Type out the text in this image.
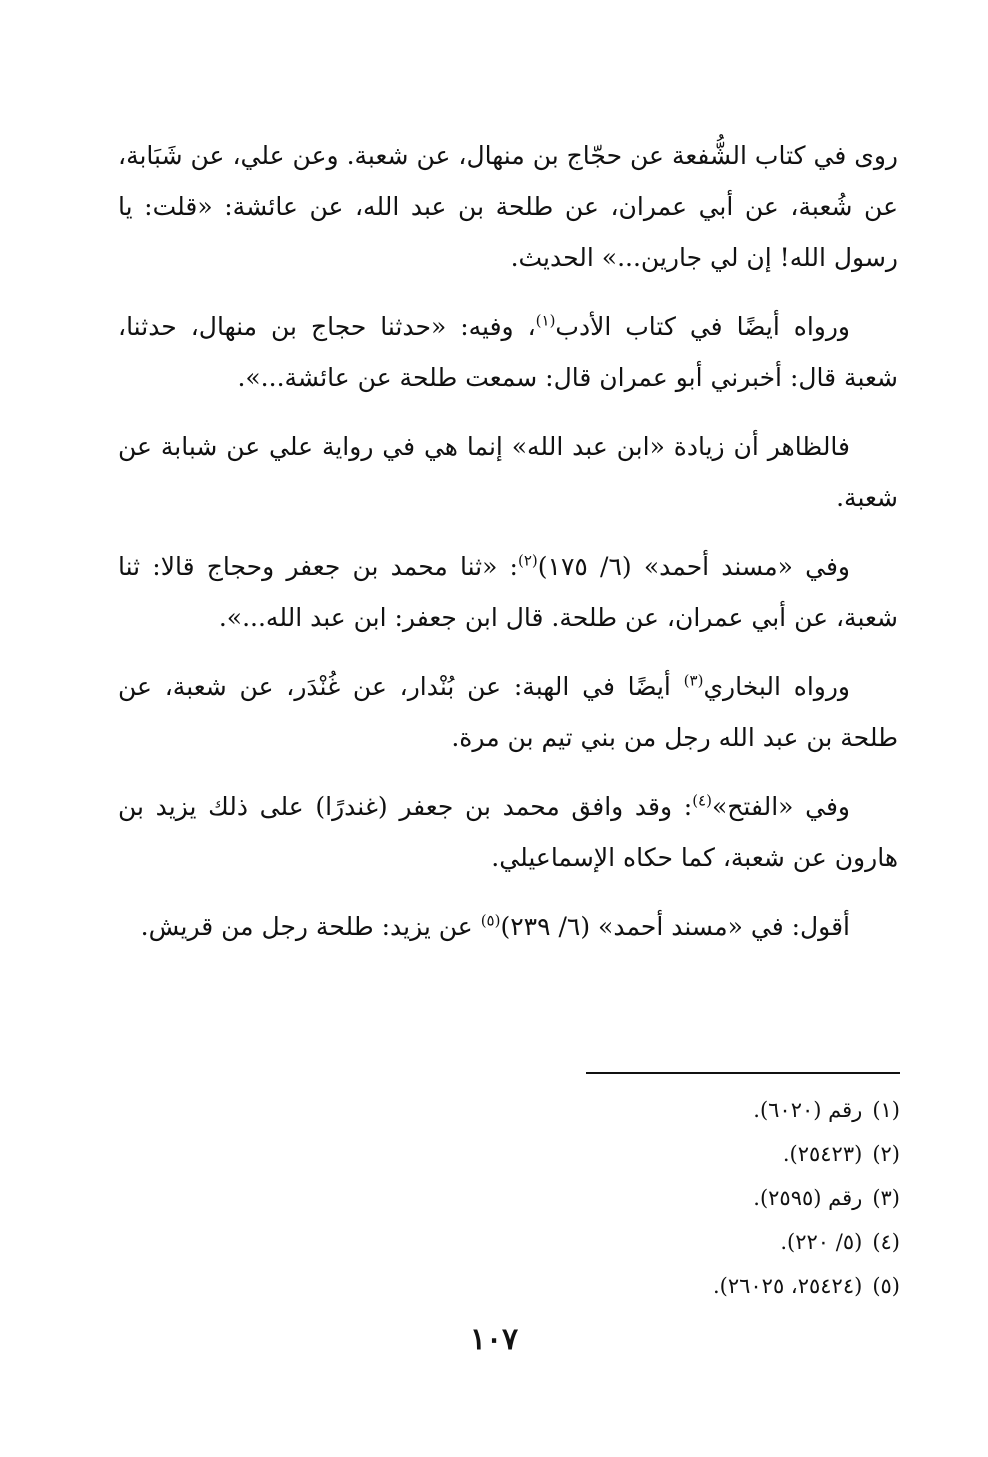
روى في كتاب الشُّفعة عن حجّاج بن منهال، عن شعبة. وعن علي، عن شَبَابة، عن شُعبة، عن أبي عمران، عن طلحة بن عبد الله، عن عائشة: «قلت: يا رسول الله! إن لي جارين...» الحديث.

ورواه أيضًا في كتاب الأدب$^{(١)}$، وفيه: «حدثنا حجاج بن منهال، حدثنا، شعبة قال: أخبرني أبو عمران قال: سمعت طلحة عن عائشة...».

فالظاهر أن زيادة «ابن عبد الله» إنما هي في رواية علي عن شبابة عن شعبة.

وفي «مسند أحمد» (٦/ ١٧٥)$^{(٢)}$: «ثنا محمد بن جعفر وحجاج قالا: ثنا شعبة، عن أبي عمران، عن طلحة. قال ابن جعفر: ابن عبد الله...».

ورواه البخاري$^{(٣)}$ أيضًا في الهبة: عن بُنْدار، عن غُنْدَر، عن شعبة، عن طلحة بن عبد الله رجل من بني تيم بن مرة.

وفي «الفتح»$^{(٤)}$: وقد وافق محمد بن جعفر (غندرًا) على ذلك يزيد بن هارون عن شعبة، كما حكاه الإسماعيلي.

أقول: في «مسند أحمد» (٦/ ٢٣٩)$^{(٥)}$ عن يزيد: طلحة رجل من قريش.

(١)رقم (٦٠٢٠).
(٢)(٢٥٤٢٣).
(٣)رقم (٢٥٩٥).
(٤)(٥/ ٢٢٠).
(٥)(٢٥٤٢٤، ٢٦٠٢٥).
١٠٧
